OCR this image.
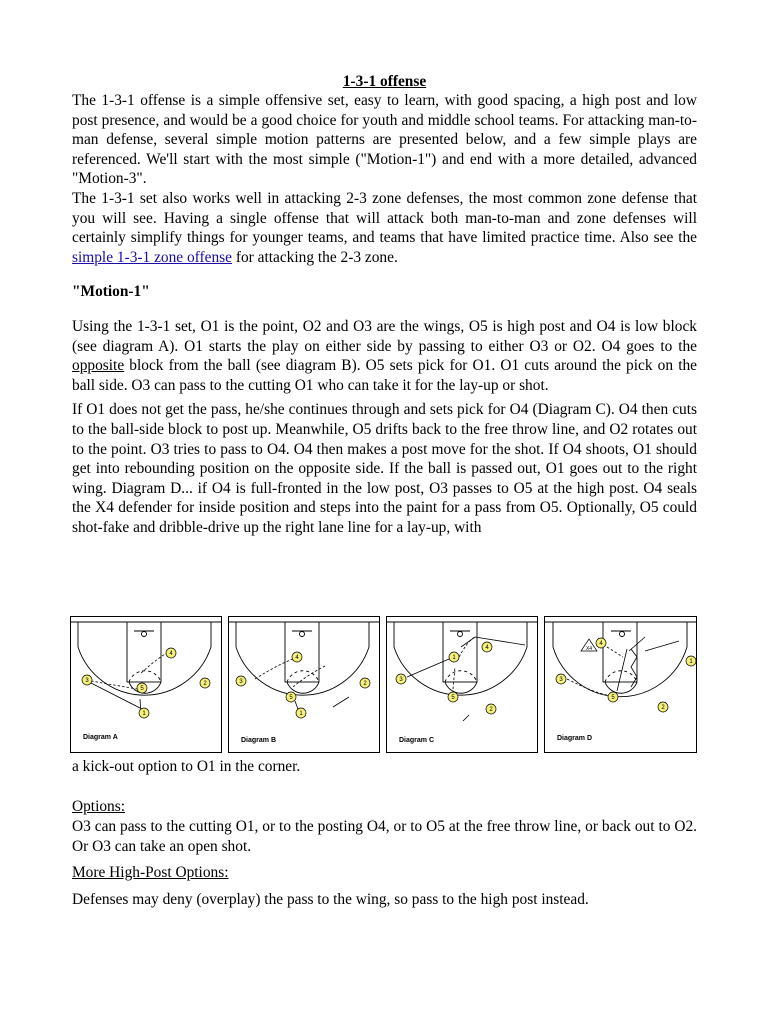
1-3-1 offense

The 1-3-1 offense is a simple offensive set, easy to learn, with good spacing, a high post and low post presence, and would be a good choice for youth and middle school teams. For attacking man-to-man defense, several simple motion patterns are presented below, and a few simple plays are referenced. We'll start with the most simple ("Motion-1") and end with a more detailed, advanced "Motion-3".

The 1-3-1 set also works well in attacking 2-3 zone defenses, the most common zone defense that you will see. Having a single offense that will attack both man-to-man and zone defenses will certainly simplify things for younger teams, and teams that have limited practice time. Also see the simple 1-3-1 zone offense for attacking the 2-3 zone.

"Motion-1"

Using the 1-3-1 set, O1 is the point, O2 and O3 are the wings, O5 is high post and O4 is low block (see diagram A). O1 starts the play on either side by passing to either O3 or O2. O4 goes to the opposite block from the ball (see diagram B). O5 sets pick for O1. O1 cuts around the pick on the ball side. O3 can pass to the cutting O1 who can take it for the lay-up or shot.

If O1 does not get the pass, he/she continues through and sets pick for O4 (Diagram C). O4 then cuts to the ball-side block to post up. Meanwhile, O5 drifts back to the free throw line, and O2 rotates out to the point. O3 tries to pass to O4. O4 then makes a post move for the shot. If O4 shoots, O1 should get into rebounding position on the opposite side. If the ball is passed out, O1 goes out to the right wing. Diagram D... if O4 is full-fronted in the low post, O3 passes to O5 at the high post. O4 seals the X4 defender for inside position and steps into the paint for a pass from O5. Optionally, O5 could shot-fake and dribble-drive up the right lane line for a lay-up, with

4
3
5
2
1
Diagram A
4
3
5
2
1
Diagram B
4
1
3
5
2
Diagram C
X4
4
1
3
5
2
Diagram D
a kick-out option to O1 in the corner.
Options:
O3 can pass to the cutting O1, or to the posting O4, or to O5 at the free throw line, or back out to O2. Or O3 can take an open shot.
More High-Post Options:
Defenses may deny (overplay) the pass to the wing, so pass to the high post instead.
